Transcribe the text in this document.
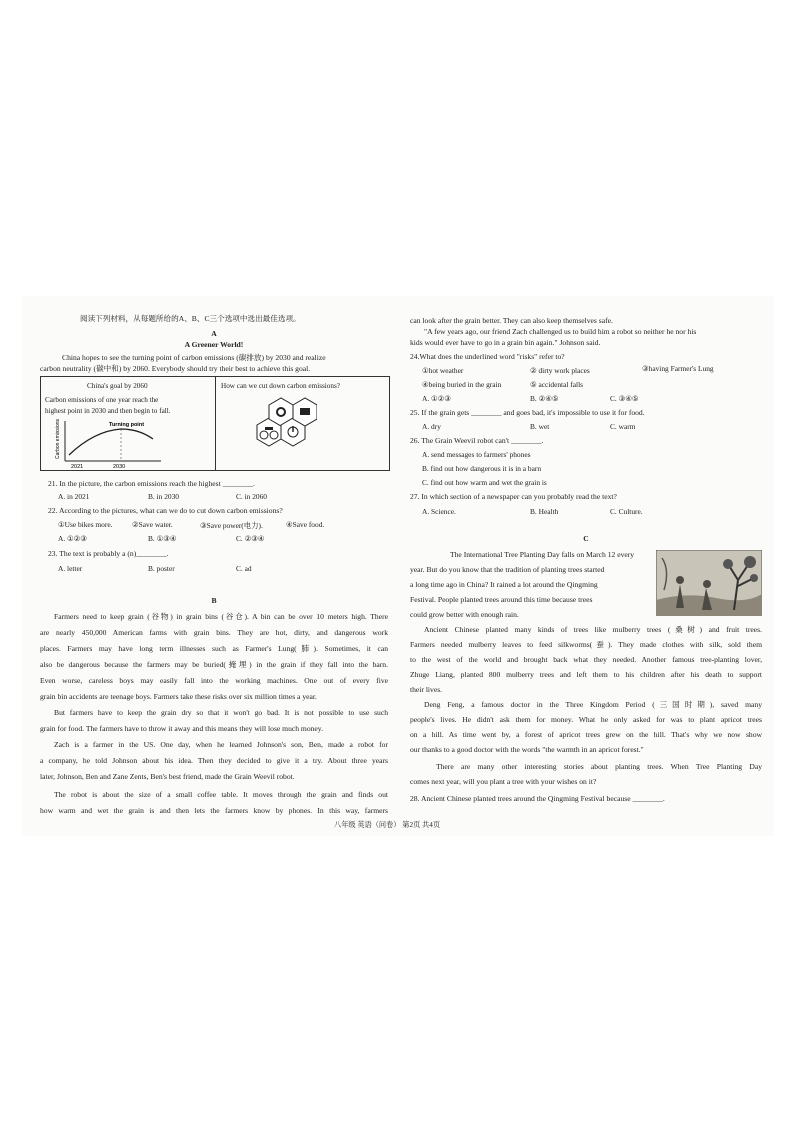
阅读下列材料，从每题所给的A、B、C三个选项中选出最佳选项。
A
A Greener World!
China hopes to see the turning point of carbon emissions (碳排放) by 2030 and realize
carbon neutrality (碳中和) by 2060. Everybody should try their best to achieve this goal.
China's goal by 2060
Carbon emissions of one year reach the
highest point in 2030 and then begin to fall.
Turning point
2021	2030
Carbon emissions
How can we cut down carbon emissions?
21. In the picture, the carbon emissions reach the highest ________.
A. in 2021	B. in 2030	C. in 2060
22. According to the pictures, what can we do to cut down carbon emissions?
①Use bikes more.	②Save water.	③Save power(电力).	④Save food.
A. ①②③	B. ①③④	C. ②③④
23. The text is probably a (n)________.
A. letter	B. poster	C. ad
B
Farmers need to keep grain (谷物) in grain bins (谷仓). A bin can be over 10 meters high. There
are nearly 450,000 American farms with grain bins. They are hot, dirty, and dangerous work
places. Farmers may have long term illnesses such as Farmer's Lung(肺). Sometimes, it can
also be dangerous because the farmers may be buried(掩埋) in the grain if they fall into the barn.
Even worse, careless boys may easily fall into the working machines. One out of every five
grain bin accidents are teenage boys. Farmers take these risks over six million times a year.
But farmers have to keep the grain dry so that it won't go bad. It is not possible to use such
grain for food. The farmers have to throw it away and this means they will lose much money.
Zach is a farmer in the US. One day, when he learned Johnson's son, Ben, made a robot for
a company, he told Johnson about his idea. Then they decided to give it a try. About three years
later, Johnson, Ben and Zane Zents, Ben's best friend, made the Grain Weevil robot.
The robot is about the size of a small coffee table. It moves through the grain and finds out
how warm and wet the grain is and then lets the farmers know by phones. In this way, farmers
can look after the grain better. They can also keep themselves safe.
"A few years ago, our friend Zach challenged us to build him a robot so neither he nor his
kids would ever have to go in a grain bin again." Johnson said.
24.What does the underlined word "risks" refer to?
①hot weather	② dirty work places	③having Farmer's Lung
④being buried in the grain	⑤ accidental falls
A. ①②③	B. ②④⑤	C. ③④⑤
25. If the grain gets ________ and goes bad, it's impossible to use it for food.
A. dry	B. wet	C. warm
26. The Grain Weevil robot can't ________.
A. send messages to farmers' phones
B. find out how dangerous it is in a barn
C. find out how warm and wet the grain is
27. In which section of a newspaper can you probably read the text?
A. Science.	B. Health	C. Culture.
C
The International Tree Planting Day falls on March 12 every
year. But do you know that the tradition of planting trees started
a long time ago in China? It rained a lot around the Qingming
Festival. People planted trees around this time because trees
could grow better with enough rain.
Ancient Chinese planted many kinds of trees like mulberry trees (桑树) and fruit trees.
Farmers needed mulberry leaves to feed silkworms(蚕). They made clothes with silk, sold them
to the west of the world and brought back what they needed. Another famous tree-planting lover,
Zhuge Liang, planted 800 mulberry trees and left them to his children after his death to support
their lives.
Deng Feng, a famous doctor in the Three Kingdom Period (三国时期), saved many
people's lives. He didn't ask them for money. What he only asked for was to plant apricot trees
on a hill. As time went by, a forest of apricot trees grew on the hill. That's why we now show
our thanks to a good doctor with the words "the warmth in an apricot forest."
There are many other interesting stories about planting trees. When Tree Planting Day
comes next year, will you plant a tree with your wishes on it?
28. Ancient Chinese planted trees around the Qingming Festival because ________.
八年级 英语（问卷） 第2页 共4页
